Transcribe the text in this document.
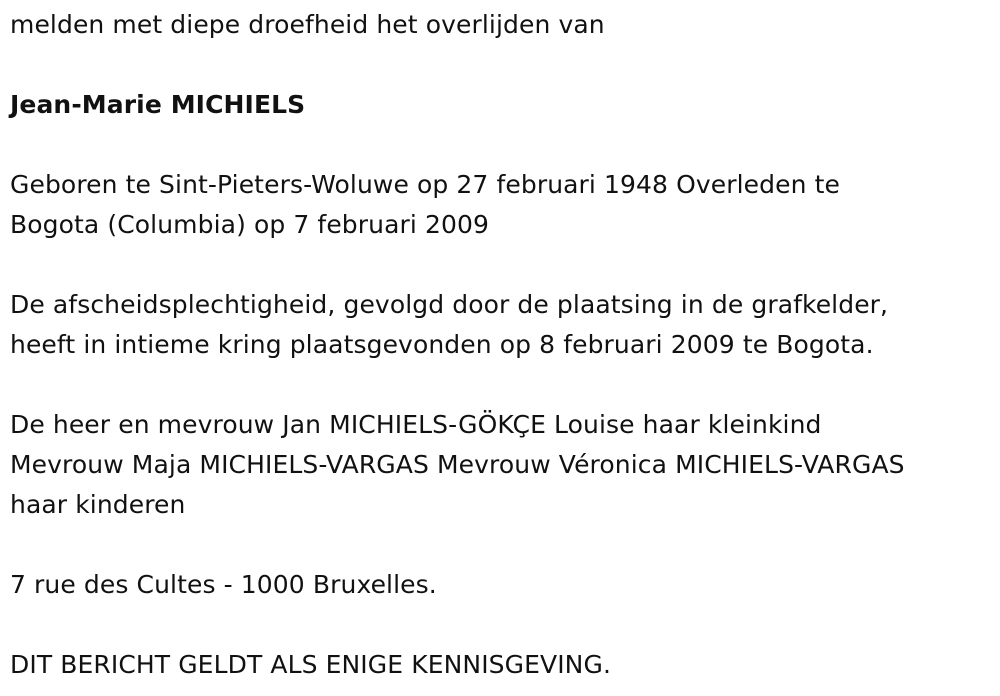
melden met diepe droefheid het overlijden van
Jean-Marie MICHIELS
Geboren te Sint-Pieters-Woluwe op 27 februari 1948 Overleden te
Bogota (Columbia) op 7 februari 2009
De afscheidsplechtigheid, gevolgd door de plaatsing in de grafkelder,
heeft in intieme kring plaatsgevonden op 8 februari 2009 te Bogota.
De heer en mevrouw Jan MICHIELS-GÖKÇE Louise haar kleinkind
Mevrouw Maja MICHIELS-VARGAS Mevrouw Véronica MICHIELS-VARGAS
haar kinderen
7 rue des Cultes - 1000 Bruxelles.
DIT BERICHT GELDT ALS ENIGE KENNISGEVING.
